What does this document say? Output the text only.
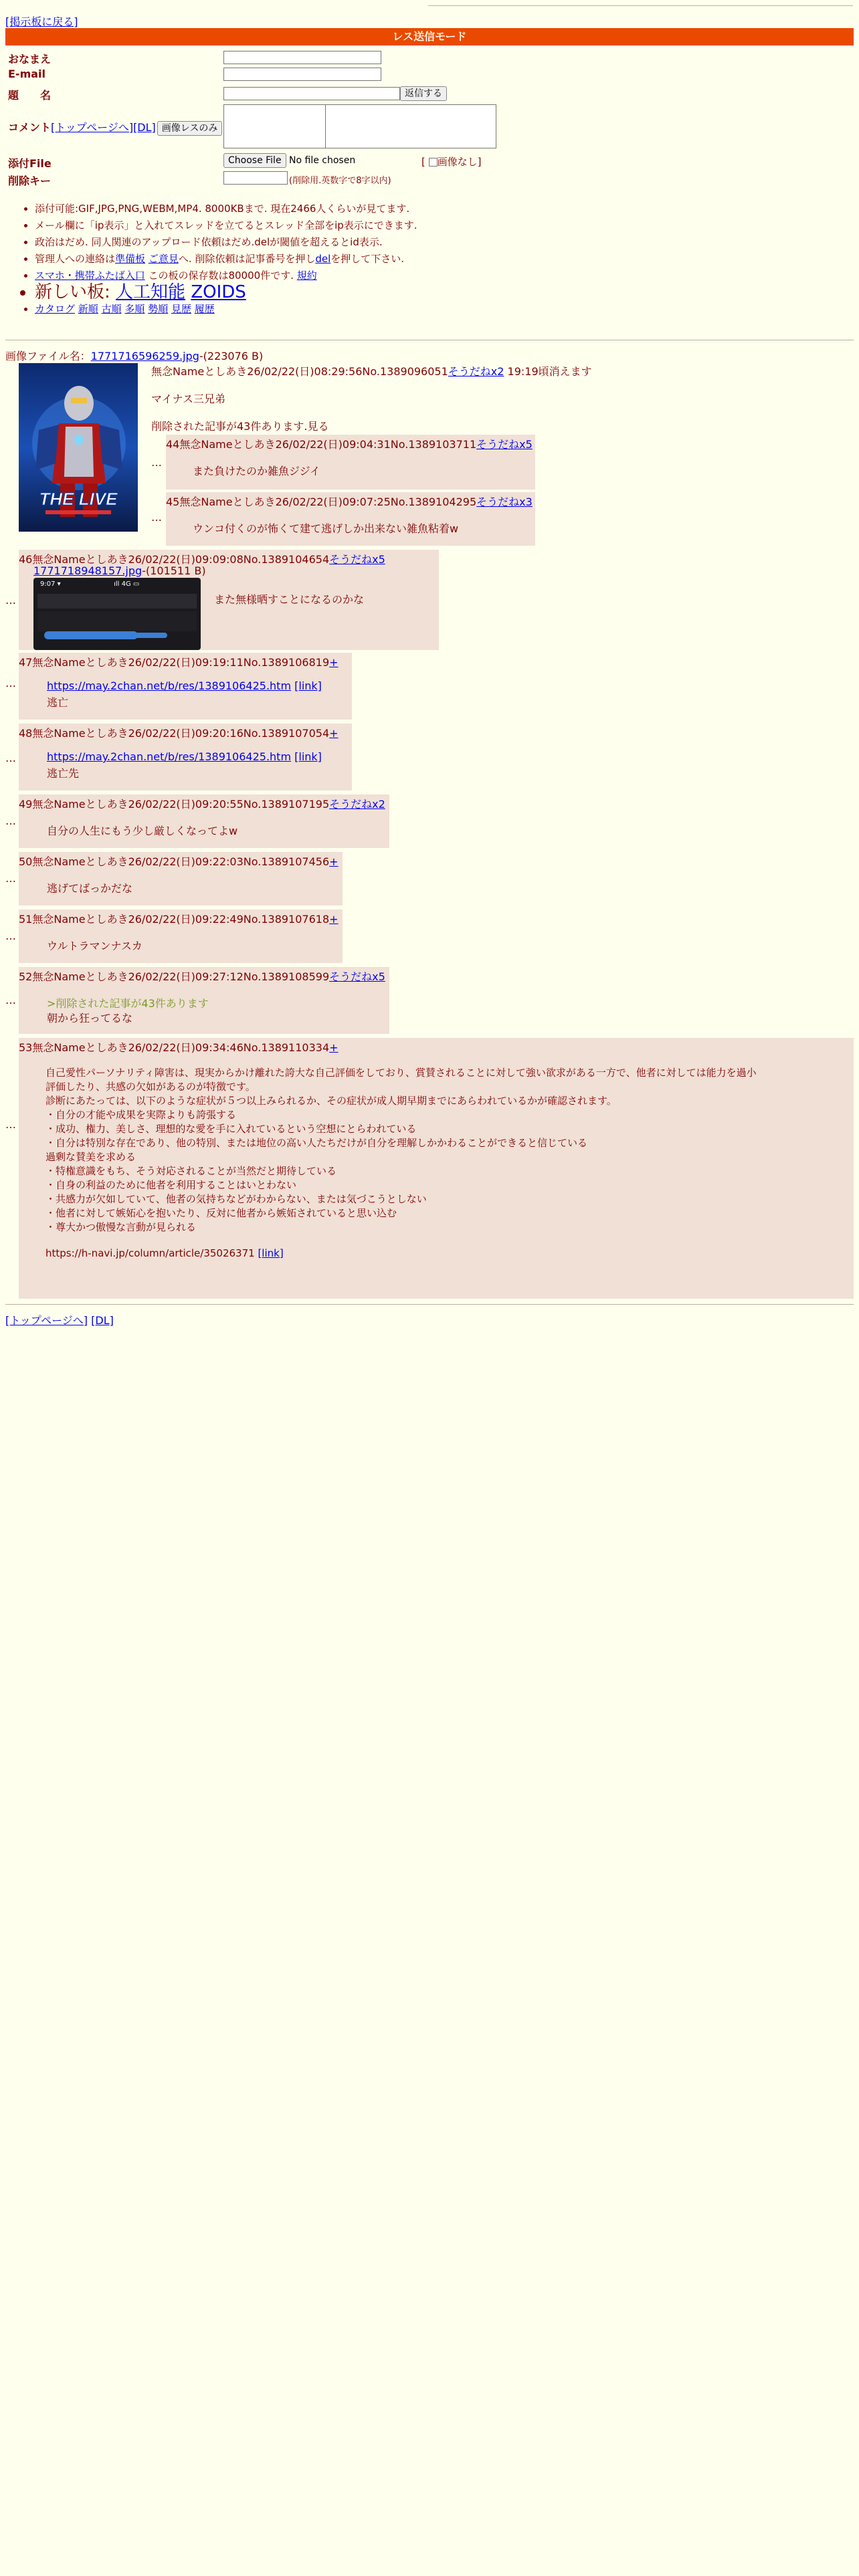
[掲示板に戻る]
レス送信モード
おなまえ
E-mail
題　　名	返信する
コメント[トップページへ][DL] 画像レスのみ
添付File	Choose File No file chosen	[ 画像なし]
削除キー	(削除用.英数字で8字以内)
• 添付可能:GIF,JPG,PNG,WEBM,MP4. 8000KBまで. 現在2466人くらいが見てます.
• メール欄に「ip表示」と入れてスレッドを立てるとスレッド全部をip表示にできます.
• 政治はだめ. 同人関連のアップロード依頼はだめ.delが閾値を超えるとid表示.
• 管理人への連絡は準備板 ご意見へ. 削除依頼は記事番号を押しdelを押して下さい.
• スマホ・携帯ふたば入口 この板の保存数は80000件です. 規約
• 新しい板: 人工知能 ZOIDS
• カタログ 新順 古順 多順 勢順 見歴 履歴
画像ファイル名：1771716596259.jpg-(223076 B)
THE LIVE
無念Nameとしあき26/02/22(日)08:29:56No.1389096051そうだねx2 19:19頃消えます
マイナス三兄弟
削除された記事が43件あります.見る
…
44無念Nameとしあき26/02/22(日)09:04:31No.1389103711そうだねx5
また負けたのか雑魚ジジイ
…
45無念Nameとしあき26/02/22(日)09:07:25No.1389104295そうだねx3
ウンコ付くのが怖くて建て逃げしか出来ない雑魚粘着w
…
46無念Nameとしあき26/02/22(日)09:09:08No.1389104654そうだねx5
1771718948157.jpg-(101511 B)
また無様晒すことになるのかな
9:07 ▾                         ıll 4G ▭
…
47無念Nameとしあき26/02/22(日)09:19:11No.1389106819+
https://may.2chan.net/b/res/1389106425.htm [link]
逃亡
…
48無念Nameとしあき26/02/22(日)09:20:16No.1389107054+
https://may.2chan.net/b/res/1389106425.htm [link]
逃亡先
…
49無念Nameとしあき26/02/22(日)09:20:55No.1389107195そうだねx2
自分の人生にもう少し厳しくなってよw
…
50無念Nameとしあき26/02/22(日)09:22:03No.1389107456+
逃げてばっかだな
…
51無念Nameとしあき26/02/22(日)09:22:49No.1389107618+
ウルトラマンナスカ
…
52無念Nameとしあき26/02/22(日)09:27:12No.1389108599そうだねx5
>削除された記事が43件あります
朝から狂ってるな
…
53無念Nameとしあき26/02/22(日)09:34:46No.1389110334+
自己愛性パーソナリティ障害は、現実からかけ離れた誇大な自己評価をしており、賞賛されることに対して強い欲求がある一方で、他者に対しては能力を過小
評価したり、共感の欠如があるのが特徴です。
診断にあたっては、以下のような症状が５つ以上みられるか、その症状が成人期早期までにあらわれているかが確認されます。
・自分の才能や成果を実際よりも誇張する
・成功、権力、美しさ、理想的な愛を手に入れているという空想にとらわれている
・自分は特別な存在であり、他の特別、または地位の高い人たちだけが自分を理解しかかわることができると信じている
過剰な賛美を求める
・特権意識をもち、そう対応されることが当然だと期待している
・自身の利益のために他者を利用することはいとわない
・共感力が欠如していて、他者の気持ちなどがわからない、または気づこうとしない
・他者に対して嫉妬心を抱いたり、反対に他者から嫉妬されていると思い込む
・尊大かつ傲慢な言動が見られる
https://h-navi.jp/column/article/35026371 [link]
[トップページへ] [DL]
